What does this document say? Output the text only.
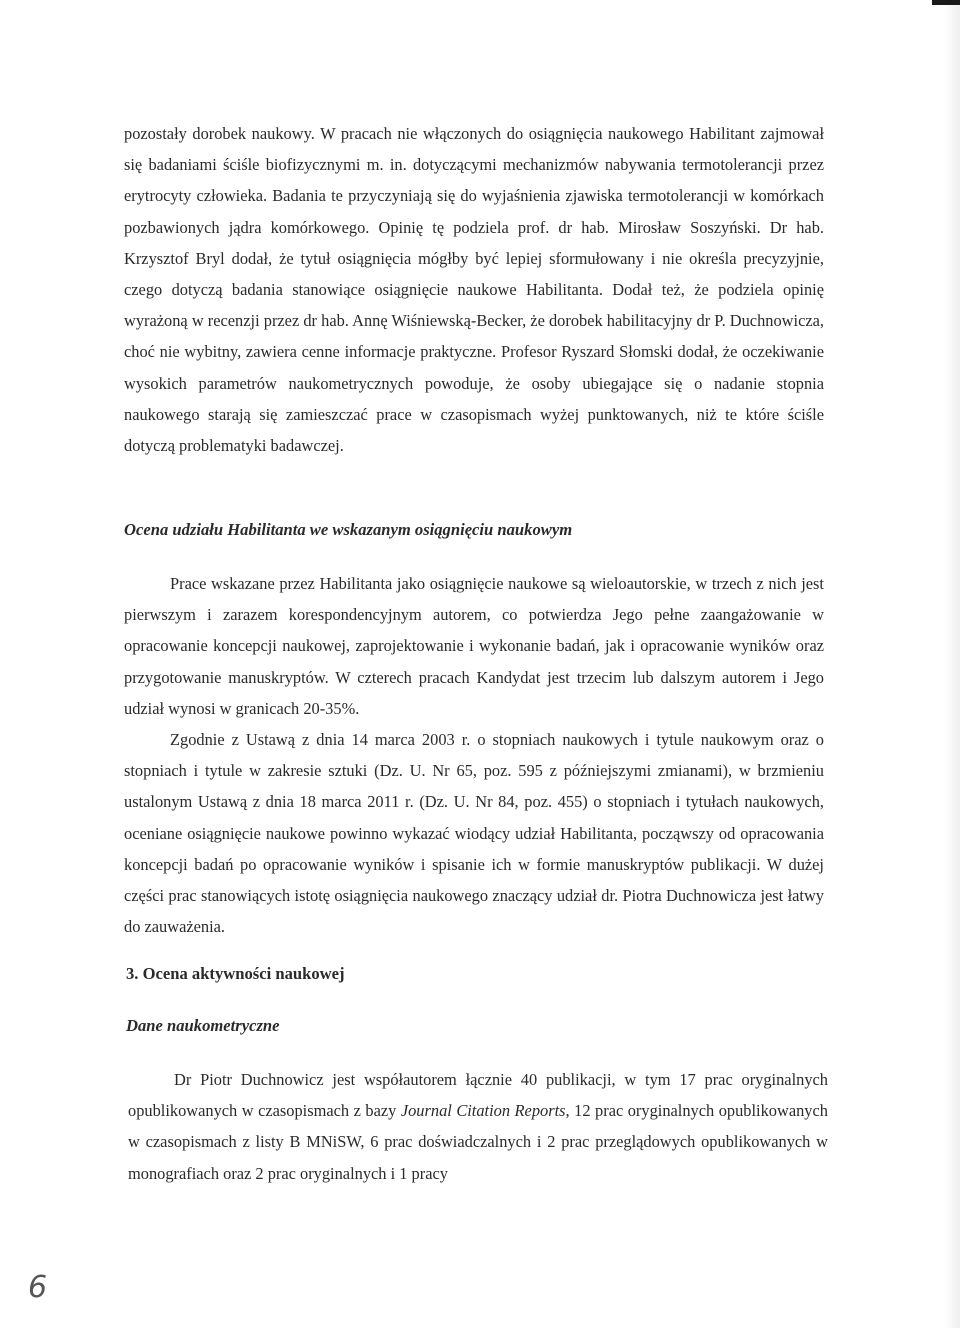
pozostały dorobek naukowy. W pracach nie włączonych do osiągnięcia naukowego Habilitant zajmował się badaniami ściśle biofizycznymi m. in. dotyczącymi mechanizmów nabywania termotolerancji przez erytrocyty człowieka. Badania te przyczyniają się do wyjaśnienia zjawiska termotolerancji w komórkach pozbawionych jądra komórkowego. Opinię tę podziela prof. dr hab. Mirosław Soszyński. Dr hab. Krzysztof Bryl dodał, że tytuł osiągnięcia mógłby być lepiej sformułowany i nie określa precyzyjnie, czego dotyczą badania stanowiące osiągnięcie naukowe Habilitanta. Dodał też, że podziela opinię wyrażoną w recenzji przez dr hab. Annę Wiśniewską-Becker, że dorobek habilitacyjny dr P. Duchnowicza, choć nie wybitny, zawiera cenne informacje praktyczne. Profesor Ryszard Słomski dodał, że oczekiwanie wysokich parametrów naukometrycznych powoduje, że osoby ubiegające się o nadanie stopnia naukowego starają się zamieszczać prace w czasopismach wyżej punktowanych, niż te które ściśle dotyczą problematyki badawczej.

Ocena udziału Habilitanta we wskazanym osiągnięciu naukowym

Prace wskazane przez Habilitanta jako osiągnięcie naukowe są wieloautorskie, w trzech z nich jest pierwszym i zarazem korespondencyjnym autorem, co potwierdza Jego pełne zaangażowanie w opracowanie koncepcji naukowej, zaprojektowanie i wykonanie badań, jak i opracowanie wyników oraz przygotowanie manuskryptów. W czterech pracach Kandydat jest trzecim lub dalszym autorem i Jego udział wynosi w granicach 20-35%.

Zgodnie z Ustawą z dnia 14 marca 2003 r. o stopniach naukowych i tytule naukowym oraz o stopniach i tytule w zakresie sztuki (Dz. U. Nr 65, poz. 595 z późniejszymi zmianami), w brzmieniu ustalonym Ustawą z dnia 18 marca 2011 r. (Dz. U. Nr 84, poz. 455) o stopniach i tytułach naukowych, oceniane osiągnięcie naukowe powinno wykazać wiodący udział Habilitanta, począwszy od opracowania koncepcji badań po opracowanie wyników i spisanie ich w formie manuskryptów publikacji. W dużej części prac stanowiących istotę osiągnięcia naukowego znaczący udział dr. Piotra Duchnowicza jest łatwy do zauważenia.

3. Ocena aktywności naukowej
Dane naukometryczne

Dr Piotr Duchnowicz jest współautorem łącznie 40 publikacji, w tym 17 prac oryginalnych opublikowanych w czasopismach z bazy Journal Citation Reports, 12 prac oryginalnych opublikowanych w czasopismach z listy B MNiSW, 6 prac doświadczalnych i 2 prac przeglądowych opublikowanych w monografiach oraz 2 prac oryginalnych i 1 pracy

6
